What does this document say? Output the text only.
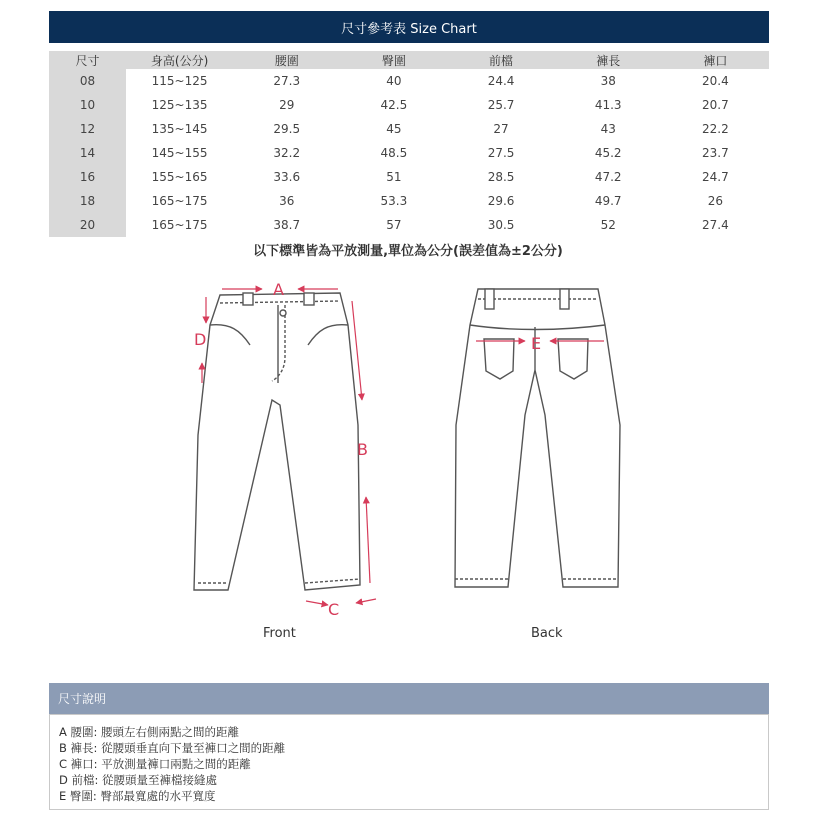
尺寸參考表 Size Chart
尺寸	身高(公分)	腰圍	臀圍	前檔	褲長	褲口
08	115~125	27.3	40	24.4	38	20.4
10	125~135	29	42.5	25.7	41.3	20.7
12	135~145	29.5	45	27	43	22.2
14	145~155	32.2	48.5	27.5	45.2	23.7
16	155~165	33.6	51	28.5	47.2	24.7
18	165~175	36	53.3	29.6	49.7	26
20	165~175	38.7	57	30.5	52	27.4
以下標準皆為平放測量,單位為公分(誤差值為±2公分)
A
D
B
C
Front
E
Back
尺寸說明
A 腰圍: 腰頭左右側兩點之間的距離
B 褲長: 從腰頭垂直向下量至褲口之間的距離
C 褲口: 平放測量褲口兩點之間的距離
D 前檔: 從腰頭量至褲檔接縫處
E 臀圍: 臀部最寬處的水平寬度
